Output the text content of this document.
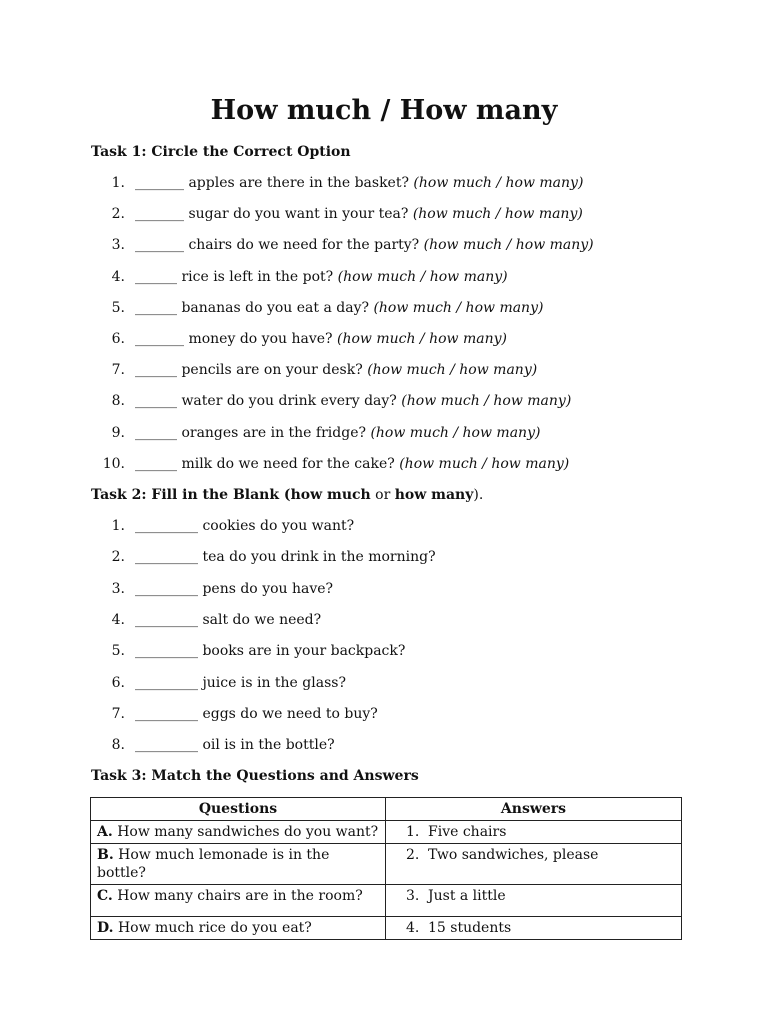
How much / How many

Task 1: Circle the Correct Option

1. _______ apples are there in the basket? (how much / how many)
2. _______ sugar do you want in your tea? (how much / how many)
3. _______ chairs do we need for the party? (how much / how many)
4. ______ rice is left in the pot? (how much / how many)
5. ______ bananas do you eat a day? (how much / how many)
6. _______ money do you have? (how much / how many)
7. ______ pencils are on your desk? (how much / how many)
8. ______ water do you drink every day? (how much / how many)
9. ______ oranges are in the fridge? (how much / how many)
10. ______ milk do we need for the cake? (how much / how many)

Task 2: Fill in the Blank (how much or how many).

1. _________ cookies do you want?
2. _________ tea do you drink in the morning?
3. _________ pens do you have?
4. _________ salt do we need?
5. _________ books are in your backpack?
6. _________ juice is in the glass?
7. _________ eggs do we need to buy?
8. _________ oil is in the bottle?

Task 3: Match the Questions and Answers

Questions	Answers
A. How many sandwiches do you want?	1. Five chairs
B. How much lemonade is in the bottle?	2. Two sandwiches, please
C. How many chairs are in the room?	3. Just a little
D. How much rice do you eat?	4. 15 students
